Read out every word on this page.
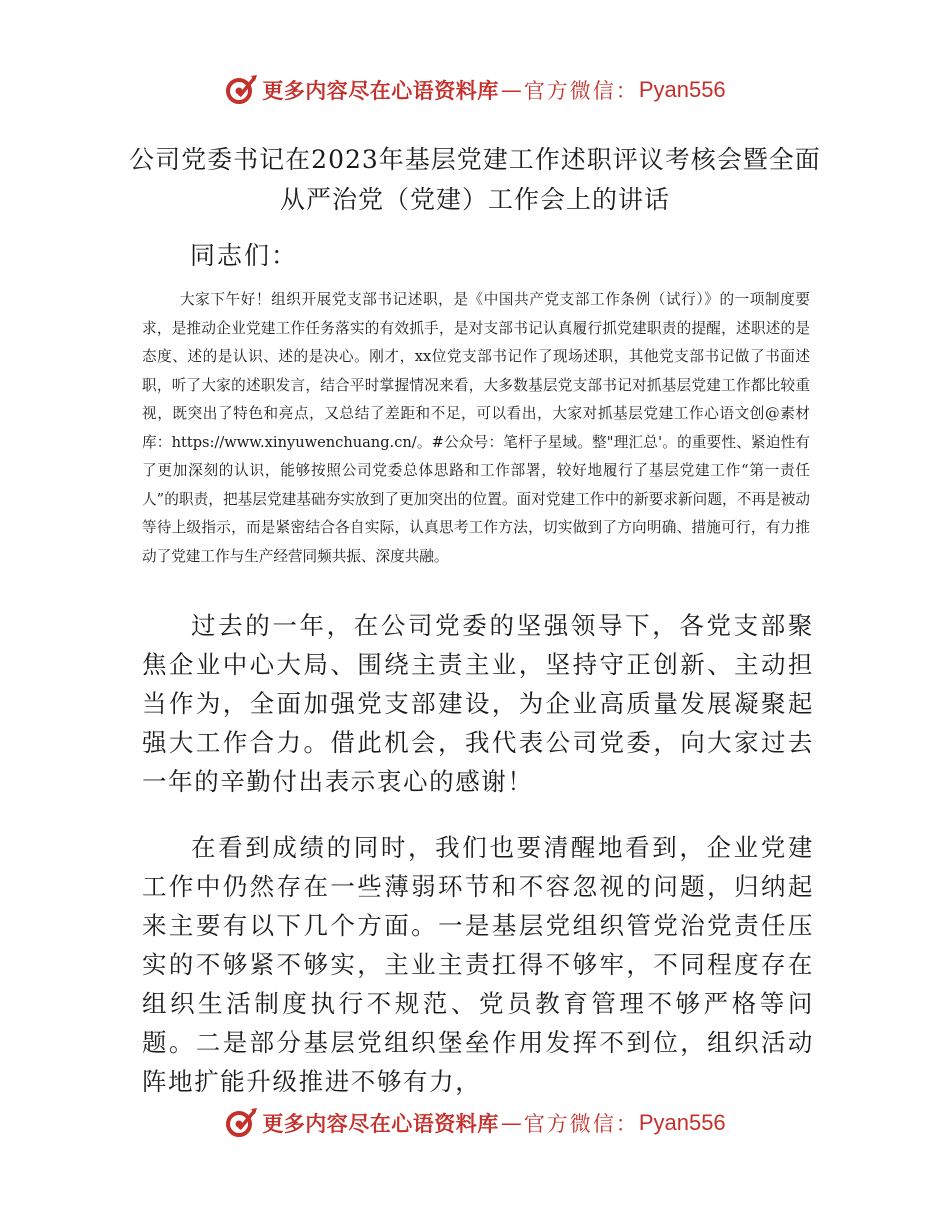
更多内容尽在心语资料库 — 官方微信： Pyan556
公司党委书记在2023年基层党建工作述职评议考核会暨全面
从严治党（党建）工作会上的讲话

同志们：

大家下午好！组织开展党支部书记述职，是《中国共产党支部工作条例（试行）》的一项制度要求，是推动企业党建工作任务落实的有效抓手，是对支部书记认真履行抓党建职责的提醒，述职述的是态度、述的是认识、述的是决心。刚才，xx位党支部书记作了现场述职，其他党支部书记做了书面述职，听了大家的述职发言，结合平时掌握情况来看，大多数基层党支部书记对抓基层党建工作都比较重视，既突出了特色和亮点，又总结了差距和不足，可以看出，大家对抓基层党建工作心语文创@素材库：https://www.xinyuwenchuang.cn/。#公众号：笔杆子星域。整"理汇总'。的重要性、紧迫性有了更加深刻的认识，能够按照公司党委总体思路和工作部署，较好地履行了基层党建工作“第一责任人”的职责，把基层党建基础夯实放到了更加突出的位置。面对党建工作中的新要求新问题，不再是被动等待上级指示，而是紧密结合各自实际，认真思考工作方法，切实做到了方向明确、措施可行，有力推动了党建工作与生产经营同频共振、深度共融。

过去的一年，在公司党委的坚强领导下，各党支部聚焦企业中心大局、围绕主责主业，坚持守正创新、主动担当作为，全面加强党支部建设，为企业高质量发展凝聚起强大工作合力。借此机会，我代表公司党委，向大家过去一年的辛勤付出表示衷心的感谢！

在看到成绩的同时，我们也要清醒地看到，企业党建工作中仍然存在一些薄弱环节和不容忽视的问题，归纳起来主要有以下几个方面。一是基层党组织管党治党责任压实的不够紧不够实，主业主责扛得不够牢，不同程度存在组织生活制度执行不规范、党员教育管理不够严格等问题。二是部分基层党组织堡垒作用发挥不到位，组织活动阵地扩能升级推进不够有力，

更多内容尽在心语资料库 — 官方微信： Pyan556
